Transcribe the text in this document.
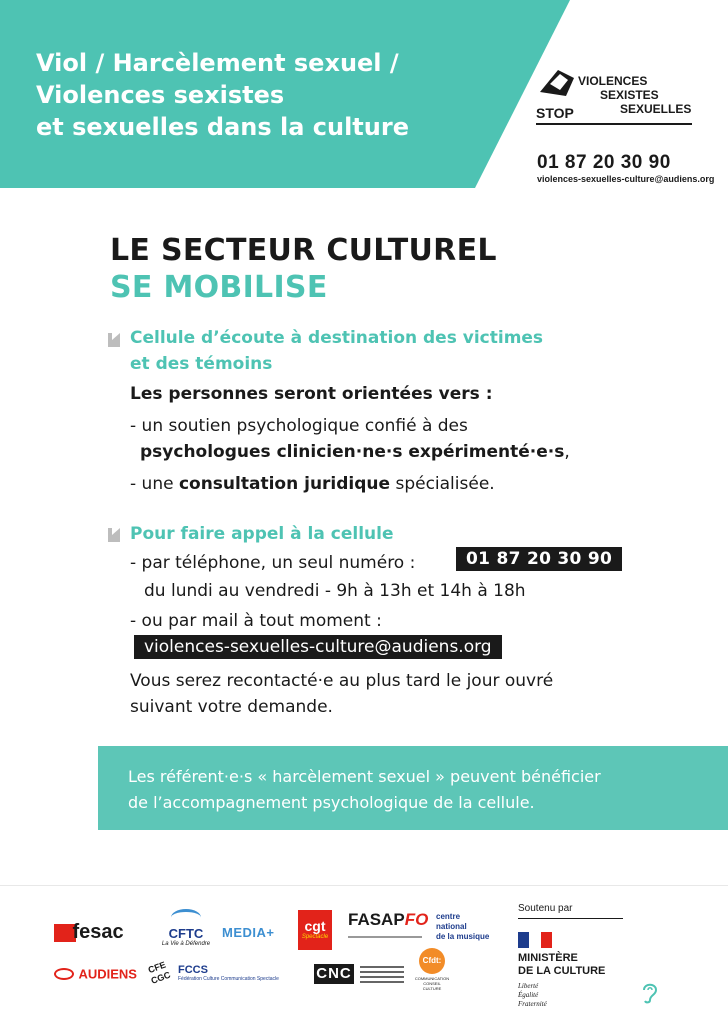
Viol / Harcèlement sexuel /
Violences sexistes
et sexuelles dans la culture
VIOLENCES
SEXISTES
SEXUELLES
STOP
01 87 20 30 90
violences-sexuelles-culture@audiens.org
LE SECTEUR CULTUREL
SE MOBILISE
Cellule d’écoute à destination des victimes
et des témoins
Les personnes seront orientées vers :
- un soutien psychologique confié à des
psychologues clinicien·ne·s expérimenté·e·s,
- une consultation juridique spécialisée.
Pour faire appel à la cellule
- par téléphone, un seul numéro :	01 87 20 30 90
du lundi au vendredi - 9h à 13h et 14h à 18h
- ou par mail à tout moment :
violences-sexuelles-culture@audiens.org
Vous serez recontacté·e au plus tard le jour ouvré
suivant votre demande.

Les référent·e·s « harcèlement sexuel » peuvent bénéficier
de l’accompagnement psychologique de la cellule.

fesac	CFTC
La Vie à Défendre
MEDIA+	cgt
Spectacle
FASAPFO centre
national
de la musique
AUDIENS	CFE CGC FCCS
Fédération Culture Communication Spectacle CNC
Cfdt:
COMMUNICATION CONSEIL CULTURE
Soutenu par
MINISTÈRE
DE LA CULTURE
Liberté
Égalité
Fraternité
